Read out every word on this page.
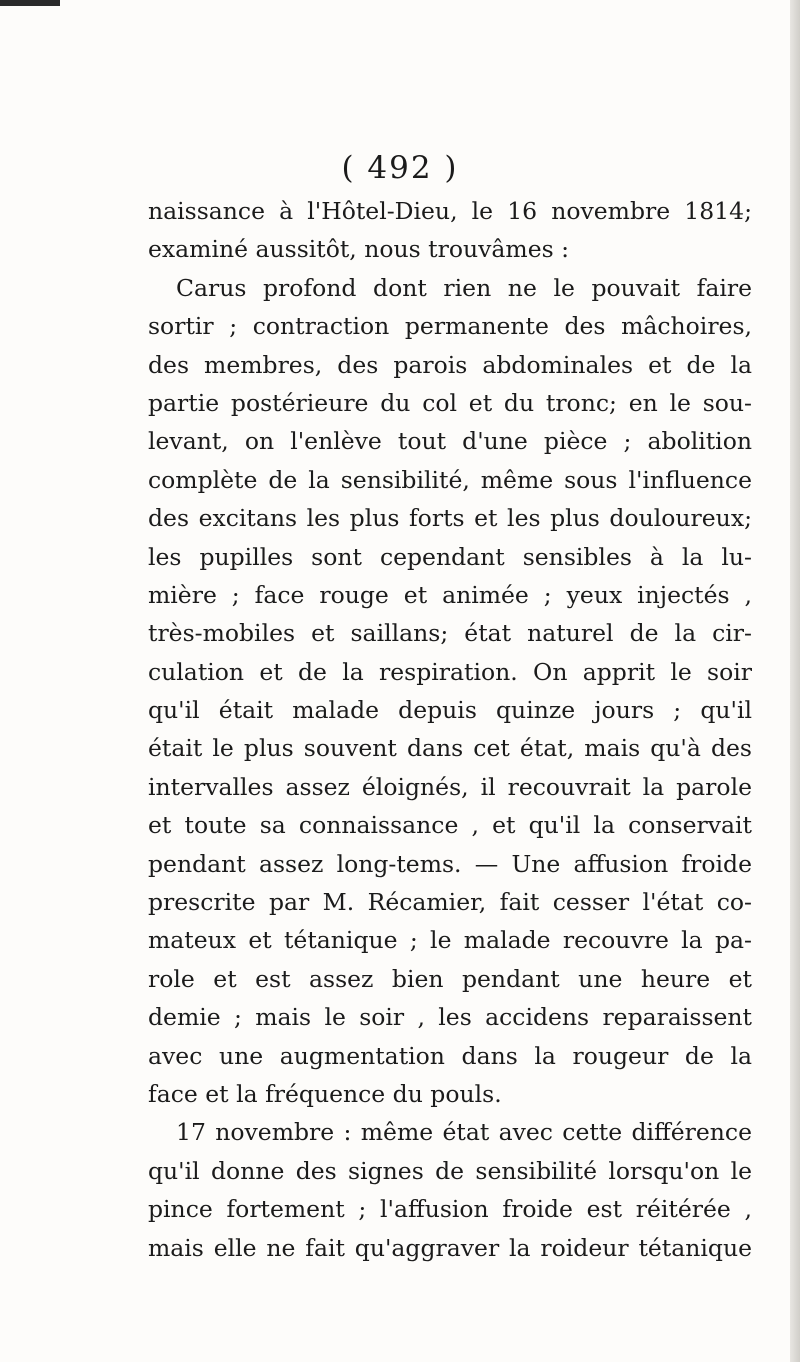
( 492 )
naissance à l'Hôtel-Dieu, le 16 novembre 1814;
examiné aussitôt, nous trouvâmes :
Carus profond dont rien ne le pouvait faire
sortir ; contraction permanente des mâchoires,
des membres, des parois abdominales et de la
partie postérieure du col et du tronc; en le sou-
levant, on l'enlève tout d'une pièce ; abolition
complète de la sensibilité, même sous l'influence
des excitans les plus forts et les plus douloureux;
les pupilles sont cependant sensibles à la lu-
mière ; face rouge et animée ; yeux injectés ,
très-mobiles et saillans; état naturel de la cir-
culation et de la respiration. On apprit le soir
qu'il était malade depuis quinze jours ; qu'il
était le plus souvent dans cet état, mais qu'à des
intervalles assez éloignés, il recouvrait la parole
et toute sa connaissance , et qu'il la conservait
pendant assez long-tems. — Une affusion froide
prescrite par M. Récamier, fait cesser l'état co-
mateux et tétanique ; le malade recouvre la pa-
role et est assez bien pendant une heure et
demie ; mais le soir , les accidens reparaissent
avec une augmentation dans la rougeur de la
face et la fréquence du pouls.
17 novembre : même état avec cette différence
qu'il donne des signes de sensibilité lorsqu'on le
pince fortement ; l'affusion froide est réitérée ,
mais elle ne fait qu'aggraver la roideur tétanique
